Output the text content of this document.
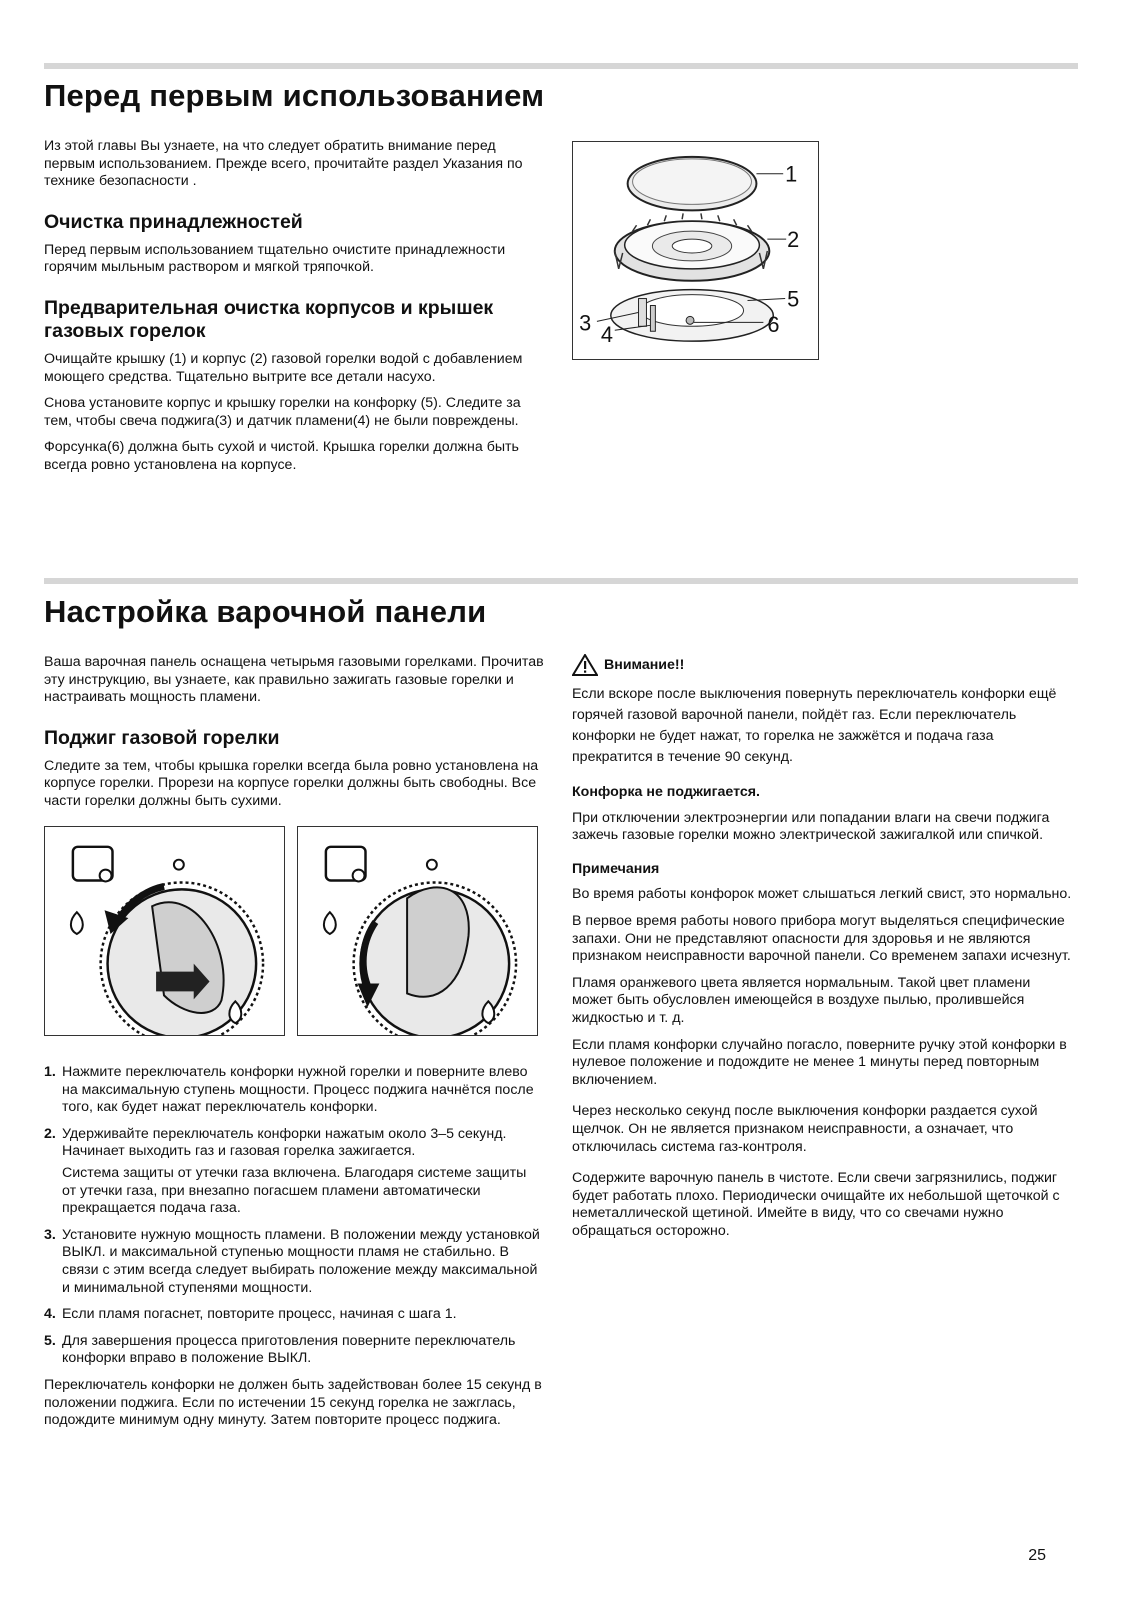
Перед первым использованием

Из этой главы Вы узнаете, на что следует обратить внимание перед первым использованием. Прежде всего, прочитайте раздел Указания по технике безопасности .

Очистка принадлежностей

Перед первым использованием тщательно очистите принадлежности горячим мыльным раствором и мягкой тряпочкой.

Предварительная очистка корпусов и крышек газовых горелок

Очищайте крышку (1) и корпус (2) газовой горелки водой с добавлением моющего средства. Тщательно вытрите все детали насухо.

Снова установите корпус и крышку горелки на конфорку (5). Следите за тем, чтобы свеча поджига(3) и датчик пламени(4) не были повреждены.

Форсунка(6) должна быть сухой и чистой. Крышка горелки должна быть всегда ровно установлена на корпусе.

1
2
3 4
5
6
Настройка варочной панели

Ваша варочная панель оснащена четырьмя газовыми горелками. Прочитав эту инструкцию, вы узнаете, как правильно зажигать газовые горелки и настраивать мощность пламени.

Поджиг газовой горелки

Следите за тем, чтобы крышка горелки всегда была ровно установлена на корпусе горелки. Прорези на корпусе горелки должны быть свободны. Все части горелки должны быть сухими.

1. Нажмите переключатель конфорки нужной горелки и поверните влево на максимальную ступень мощности. Процесс поджига начнётся после того, как будет нажат переключатель конфорки.
2. Удерживайте переключатель конфорки нажатым около 3–5 секунд. Начинает выходить газ и газовая горелка зажигается.
Система защиты от утечки газа включена. Благодаря системе защиты от утечки газа, при внезапно погасшем пламени автоматически прекращается подача газа.
3. Установите нужную мощность пламени. В положении между установкой ВЫКЛ. и максимальной ступенью мощности пламя не стабильно. В связи с этим всегда следует выбирать положение между максимальной и минимальной ступенями мощности.
4. Если пламя погаснет, повторите процесс, начиная с шага 1.
5. Для завершения процесса приготовления поверните переключатель конфорки вправо в положение ВЫКЛ.

Переключатель конфорки не должен быть задействован более 15 секунд в положении поджига. Если по истечении 15 секунд горелка не зажглась, подождите минимум одну минуту. Затем повторите процесс поджига.

Внимание!!

Если вскоре после выключения повернуть переключатель конфорки ещё горячей газовой варочной панели, пойдёт газ. Если переключатель конфорки не будет нажат, то горелка не зажжётся и подача газа прекратится в течение 90 секунд.

Конфорка не поджигается.

При отключении электроэнергии или попадании влаги на свечи поджига зажечь газовые горелки можно электрической зажигалкой или спичкой.

Примечания

Во время работы конфорок может слышаться легкий свист, это нормально.

В первое время работы нового прибора могут выделяться специфические запахи. Они не представляют опасности для здоровья и не являются признаком неисправности варочной панели. Со временем запахи исчезнут.

Пламя оранжевого цвета является нормальным. Такой цвет пламени может быть обусловлен имеющейся в воздухе пылью, пролившейся жидкостью и т. д.

Если пламя конфорки случайно погасло, поверните ручку этой конфорки в нулевое положение и подождите не менее 1 минуты перед повторным включением.

Через несколько секунд после выключения конфорки раздается сухой щелчок. Он не является признаком неисправности, а означает, что отключилась система газ-контроля.

Содержите варочную панель в чистоте. Если свечи загрязнились, поджиг будет работать плохо. Периодически очищайте их небольшой щеточкой с неметаллической щетиной. Имейте в виду, что со свечами нужно обращаться осторожно.

25
